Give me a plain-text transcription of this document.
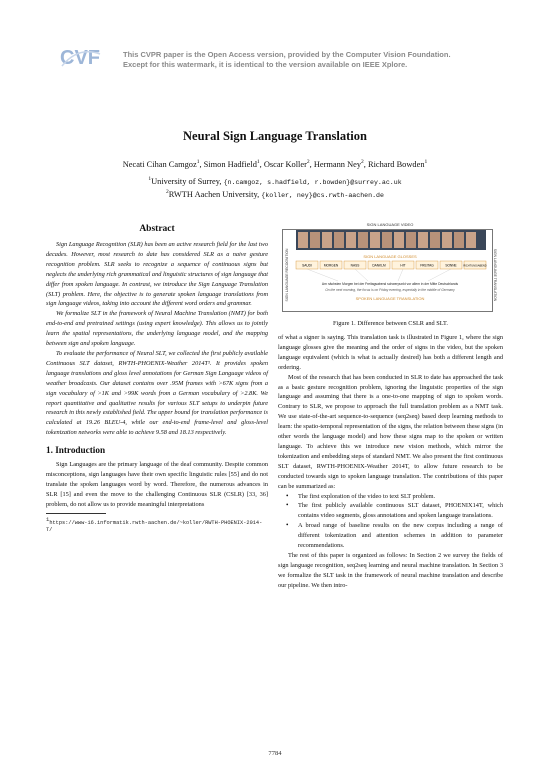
CVF	This CVPR paper is the Open Access version, provided by the Computer Vision Foundation.
Except for this watermark, it is identical to the version available on IEEE Xplore.
Neural Sign Language Translation
Necati Cihan Camgoz$^1$, Simon Hadfield$^1$, Oscar Koller$^2$, Hermann Ney$^2$, Richard Bowden$^1$
$^1$University of Surrey, {n.camgoz, s.hadfield, r.bowden}@surrey.ac.uk
$^2$RWTH Aachen University, {koller, ney}@cs.rwth-aachen.de
Abstract

Sign Language Recognition (SLR) has been an active research field for the last two decades. However, most research to date has considered SLR as a naive gesture recognition problem. SLR seeks to recognize a sequence of continuous signs but neglects the underlying rich grammatical and linguistic structures of sign language that differ from spoken language. In contrast, we introduce the Sign Language Translation (SLT) problem. Here, the objective is to generate spoken language translations from sign language videos, taking into account the different word orders and grammar.

We formalize SLT in the framework of Neural Machine Translation (NMT) for both end-to-end and pretrained settings (using expert knowledge). This allows us to jointly learn the spatial representations, the underlying language model, and the mapping between sign and spoken language.

To evaluate the performance of Neural SLT, we collected the first publicly available Continuous SLT dataset, RWTH-PHOENIX-Weather 2014T¹. It provides spoken language translations and gloss level annotations for German Sign Language videos of weather broadcasts. Our dataset contains over .95M frames with >67K signs from a sign vocabulary of >1K and >99K words from a German vocabulary of >2.8K. We report quantitative and qualitative results for various SLT setups to underpin future research in this newly established field. The upper bound for translation performance is calculated at 19.26 BLEU-4, while our end-to-end frame-level and gloss-level tokenization networks were able to achieve 9.58 and 18.13 respectively.

1. Introduction

Sign Languages are the primary language of the deaf community. Despite common misconceptions, sign languages have their own specific linguistic rules [55] and do not translate the spoken languages word by word. Therefore, the numerous advances in SLR [15] and even the move to the challenging Continuous SLR (CSLR) [33, 36] problem, do not allow us to provide meaningful interpretations

$^1$https://www-i6.informatik.rwth-aachen.de/~koller/RWTH-PHOENIX-2014-T/
SIGN LANGUAGE VIDEO
SIGN LANGUAGE RECOGNITION	SIGN LANGUAGE TRANSLATION
SIGN LANGUAGE GLOSSES
SAUDI	MORGEN	NASS	DANKLM	HIT	FREITAG	SONNE	RICHTUNG/ABEND
Am nächsten Morgen bei der Freitagsabend schwerpunkt vor allem in der Mitte Deutschlands
On the next morning, the focus is on Friday evening, especially in the middle of Germany
SPOKEN LANGUAGE TRANSLATION
Figure 1. Difference between CSLR and SLT.

of what a signer is saying. This translation task is illustrated in Figure 1, where the sign language glosses give the meaning and the order of signs in the video, but the spoken language equivalent (which is what is actually desired) has both a different length and ordering.

Most of the research that has been conducted in SLR to date has approached the task as a basic gesture recognition problem, ignoring the linguistic properties of the sign language and assuming that there is a one-to-one mapping of sign to spoken words. Contrary to SLR, we propose to approach the full translation problem as a NMT task. We use state-of-the-art sequence-to-sequence (seq2seq) based deep learning methods to learn: the spatio-temporal representation of the signs, the relation between these signs (in other words the language model) and how these signs map to the spoken or written language. To achieve this we introduce new vision methods, which mirror the tokenization and embedding steps of standard NMT. We also present the first continuous SLT dataset, RWTH-PHOENIX-Weather 2014T, to allow future research to be conducted towards sign to spoken language translation. The contributions of this paper can be summarized as:

• The first exploration of the video to text SLT problem.
• The first publicly available continuous SLT dataset, PHOENIX14T, which contains video segments, gloss annotations and spoken language translations.
• A broad range of baseline results on the new corpus including a range of different tokenization and attention schemes in addition to parameter recommendations.

The rest of this paper is organized as follows: In Section 2 we survey the fields of sign language recognition, seq2seq learning and neural machine translation. In Section 3 we formalize the SLT task in the framework of neural machine translation and describe our pipeline. We then intro-

7784
